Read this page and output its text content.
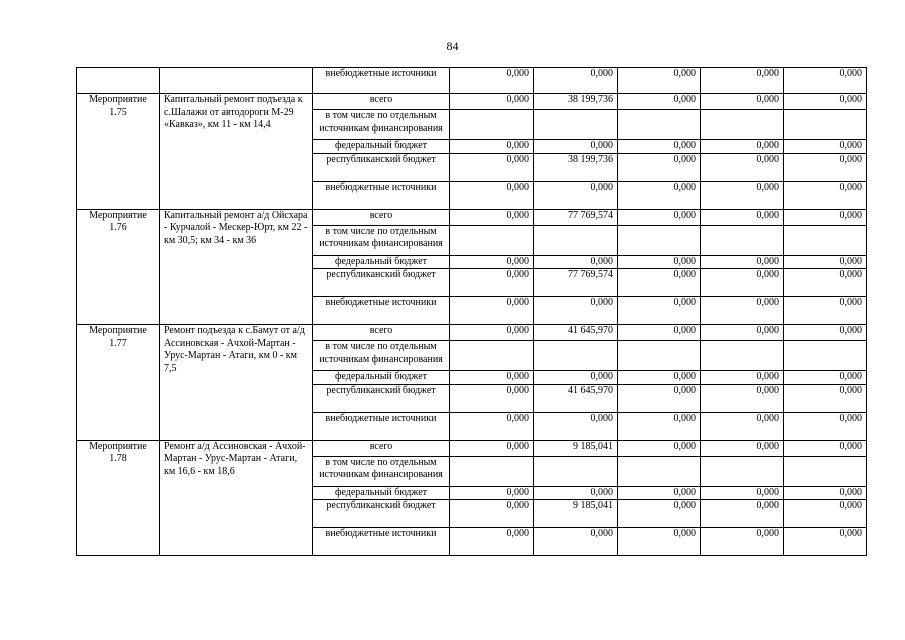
84
		внебюджетные источники	0,000	0,000	0,000	0,000	0,000
Мероприятие 1.75	Капитальный ремонт подъезда к с.Шалажи от автодороги М-29 «Кавказ», км 11 - км 14,4	всего	0,000	38 199,736	0,000	0,000	0,000
		в том числе по отдельным источникам финансирования					
		федеральный бюджет	0,000	0,000	0,000	0,000	0,000
		республиканский бюджет	0,000	38 199,736	0,000	0,000	0,000
		внебюджетные источники	0,000	0,000	0,000	0,000	0,000
Мероприятие 1.76	Капитальный ремонт а/д Ойсхара - Курчалой - Мескер-Юрт, км 22 - км 30,5; км 34 - км 36	всего	0,000	77 769,574	0,000	0,000	0,000
		в том числе по отдельным источникам финансирования					
		федеральный бюджет	0,000	0,000	0,000	0,000	0,000
		республиканский бюджет	0,000	77 769,574	0,000	0,000	0,000
		внебюджетные источники	0,000	0,000	0,000	0,000	0,000
Мероприятие 1.77	Ремонт подъезда к с.Бамут от а/д Ассиновская - Ачхой-Мартан - Урус-Мартан - Атаги, км 0 - км 7,5	всего	0,000	41 645,970	0,000	0,000	0,000
		в том числе по отдельным источникам финансирования					
		федеральный бюджет	0,000	0,000	0,000	0,000	0,000
		республиканский бюджет	0,000	41 645,970	0,000	0,000	0,000
		внебюджетные источники	0,000	0,000	0,000	0,000	0,000
Мероприятие 1.78	Ремонт а/д Ассиновская - Ачхой-Мартан - Урус-Мартан - Атаги, км 16,6 - км 18,6	всего	0,000	9 185,041	0,000	0,000	0,000
		в том числе по отдельным источникам финансирования					
		федеральный бюджет	0,000	0,000	0,000	0,000	0,000
		республиканский бюджет	0,000	9 185,041	0,000	0,000	0,000
		внебюджетные источники	0,000	0,000	0,000	0,000	0,000
